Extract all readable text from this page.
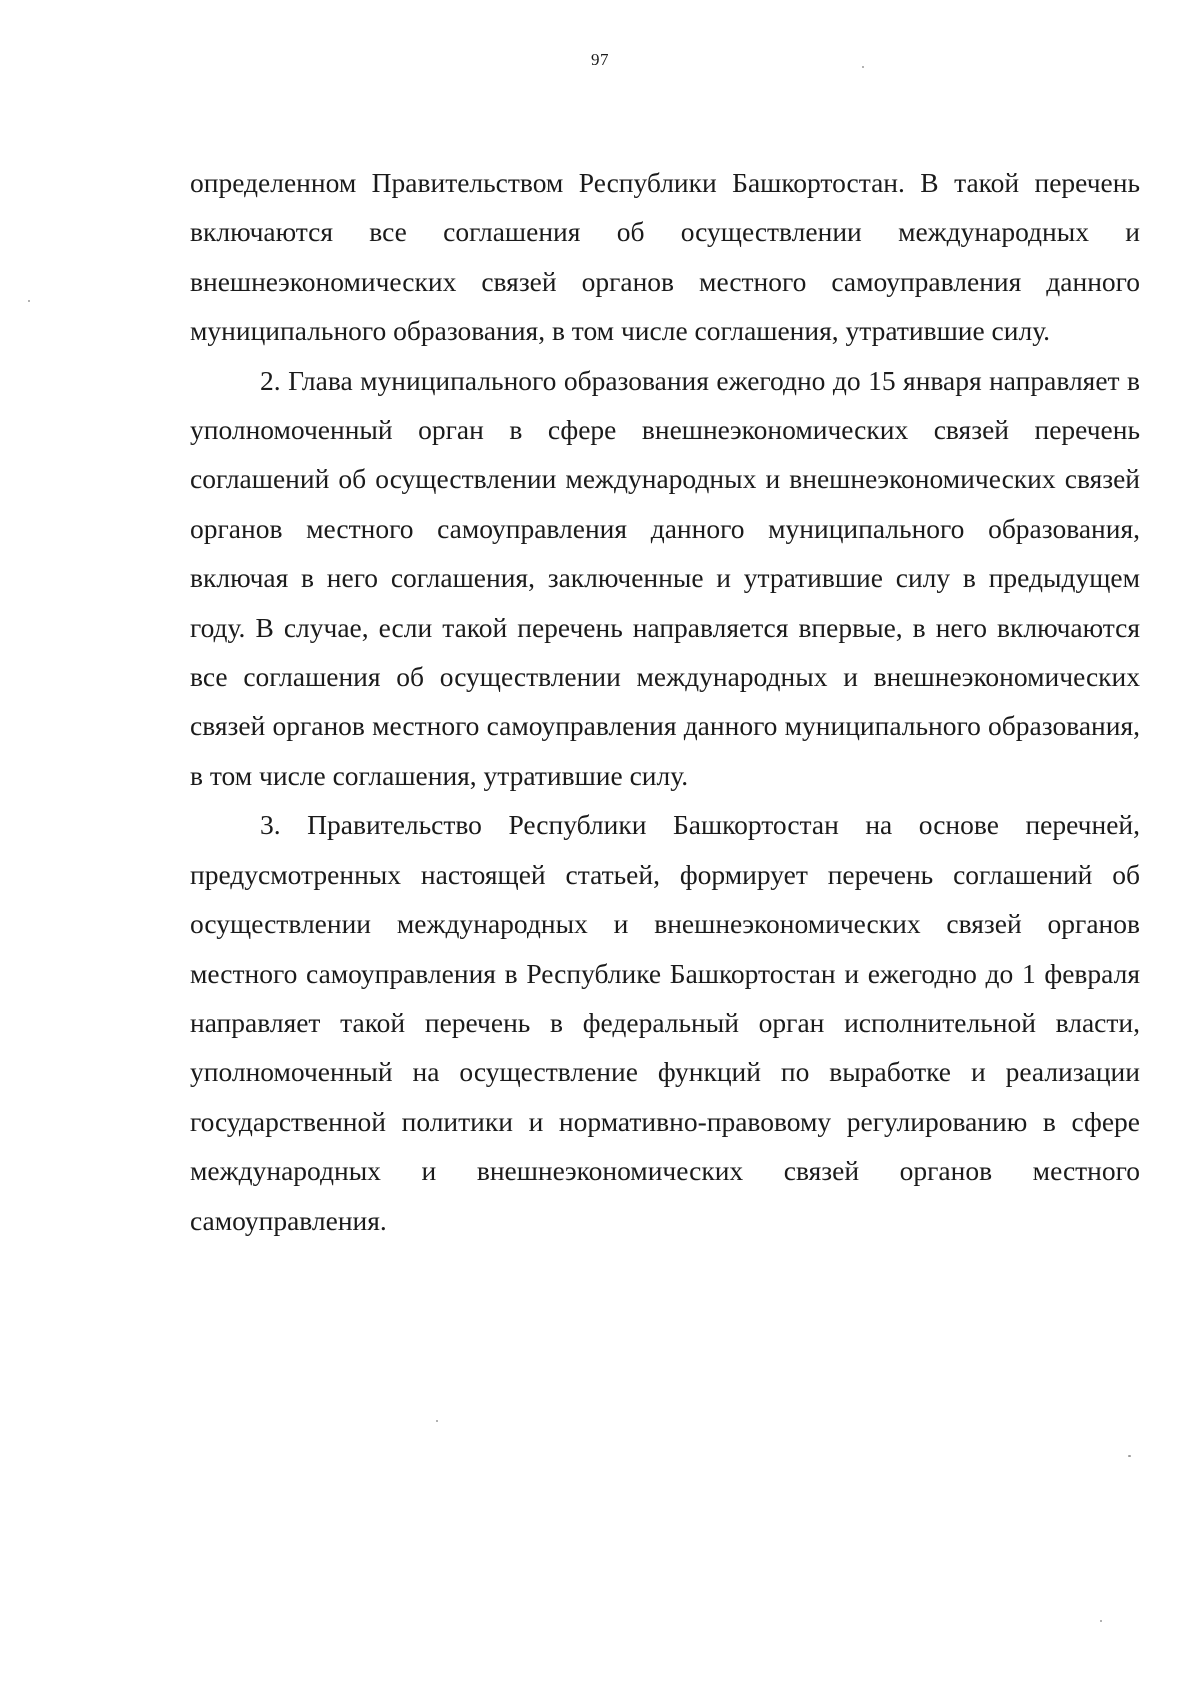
97

определенном Правительством Республики Башкортостан. В такой перечень включаются все соглашения об осуществлении международных и внешнеэкономических связей органов местного самоуправления данного муниципального образования, в том числе соглашения, утратившие силу.

2. Глава муниципального образования ежегодно до 15 января направляет в уполномоченный орган в сфере внешнеэкономических связей перечень соглашений об осуществлении международных и внешнеэкономических связей органов местного самоуправления данного муниципального образования, включая в него соглашения, заключенные и утратившие силу в предыдущем году. В случае, если такой перечень направляется впервые, в него включаются все соглашения об осуществлении международных и внешнеэкономических связей органов местного самоуправления данного муниципального образования, в том числе соглашения, утратившие силу.

3. Правительство Республики Башкортостан на основе перечней, предусмотренных настоящей статьей, формирует перечень соглашений об осуществлении международных и внешнеэкономических связей органов местного самоуправления в Республике Башкортостан и ежегодно до 1 февраля направляет такой перечень в федеральный орган исполнительной власти, уполномоченный на осуществление функций по выработке и реализации государственной политики и нормативно-правовому регулированию в сфере международных и внешнеэкономических связей органов местного самоуправления.
